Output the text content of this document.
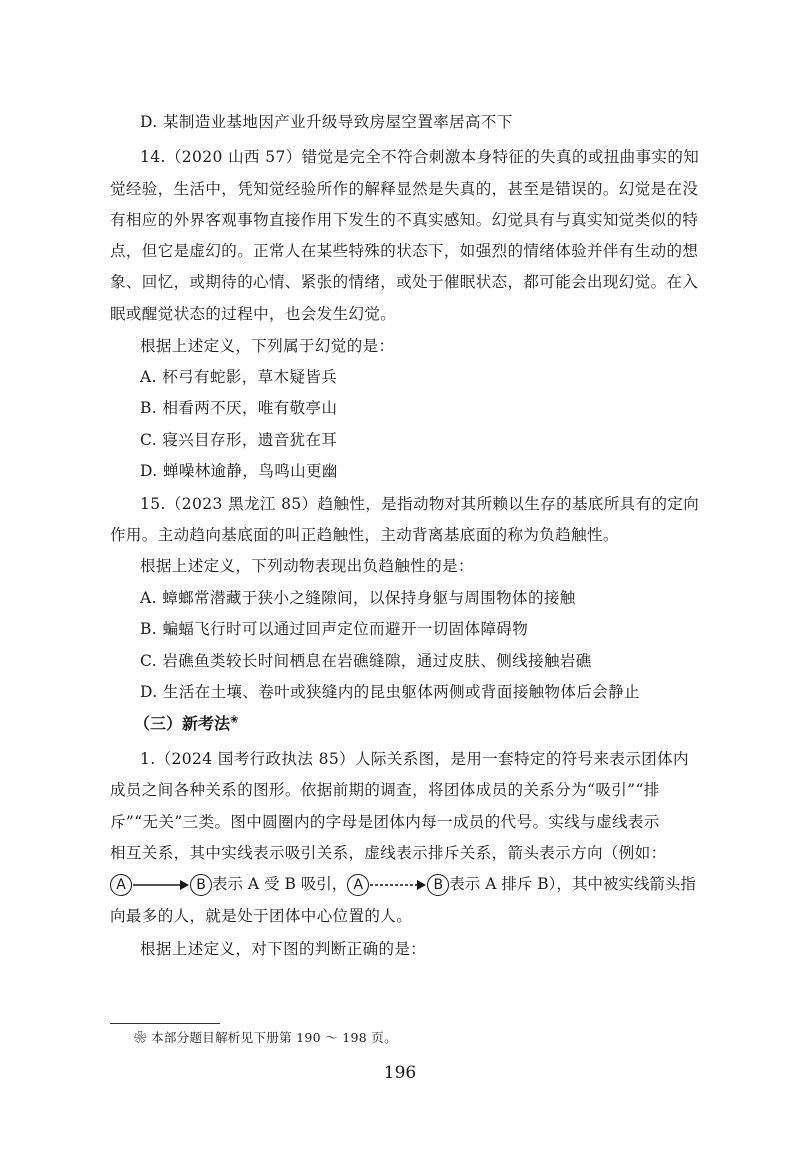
D. 某制造业基地因产业升级导致房屋空置率居高不下
14.（2020 山西 57）错觉是完全不符合刺激本身特征的失真的或扭曲事实的知
觉经验，生活中，凭知觉经验所作的解释显然是失真的，甚至是错误的。幻觉是在没
有相应的外界客观事物直接作用下发生的不真实感知。幻觉具有与真实知觉类似的特
点，但它是虚幻的。正常人在某些特殊的状态下，如强烈的情绪体验并伴有生动的想
象、回忆，或期待的心情、紧张的情绪，或处于催眠状态，都可能会出现幻觉。在入
眠或醒觉状态的过程中，也会发生幻觉。
根据上述定义，下列属于幻觉的是：
A. 杯弓有蛇影，草木疑皆兵
B. 相看两不厌，唯有敬亭山
C. 寝兴目存形，遗音犹在耳
D. 蝉噪林逾静，鸟鸣山更幽
15.（2023 黑龙江 85）趋触性，是指动物对其所赖以生存的基底所具有的定向
作用。主动趋向基底面的叫正趋触性，主动背离基底面的称为负趋触性。
根据上述定义，下列动物表现出负趋触性的是：
A. 蟑螂常潜藏于狭小之缝隙间，以保持身躯与周围物体的接触
B. 蝙蝠飞行时可以通过回声定位而避开一切固体障碍物
C. 岩礁鱼类较长时间栖息在岩礁缝隙，通过皮肤、侧线接触岩礁
D. 生活在土壤、卷叶或狭缝内的昆虫躯体两侧或背面接触物体后会静止
（三）新考法❀
1.（2024 国考行政执法 85）人际关系图，是用一套特定的符号来表示团体内
成员之间各种关系的图形。依据前期的调查，将团体成员的关系分为“吸引”“排
斥”“无关”三类。图中圆圈内的字母是团体内每一成员的代号。实线与虚线表示
相互关系，其中实线表示吸引关系，虚线表示排斥关系，箭头表示方向（例如：
A	B 表示 A 受 B 吸引， A	B 表示 A 排斥 B），其中被实线箭头指
向最多的人，就是处于团体中心位置的人。
根据上述定义，对下图的判断正确的是：
❀ 本部分题目解析见下册第 190 ～ 198 页。
196
